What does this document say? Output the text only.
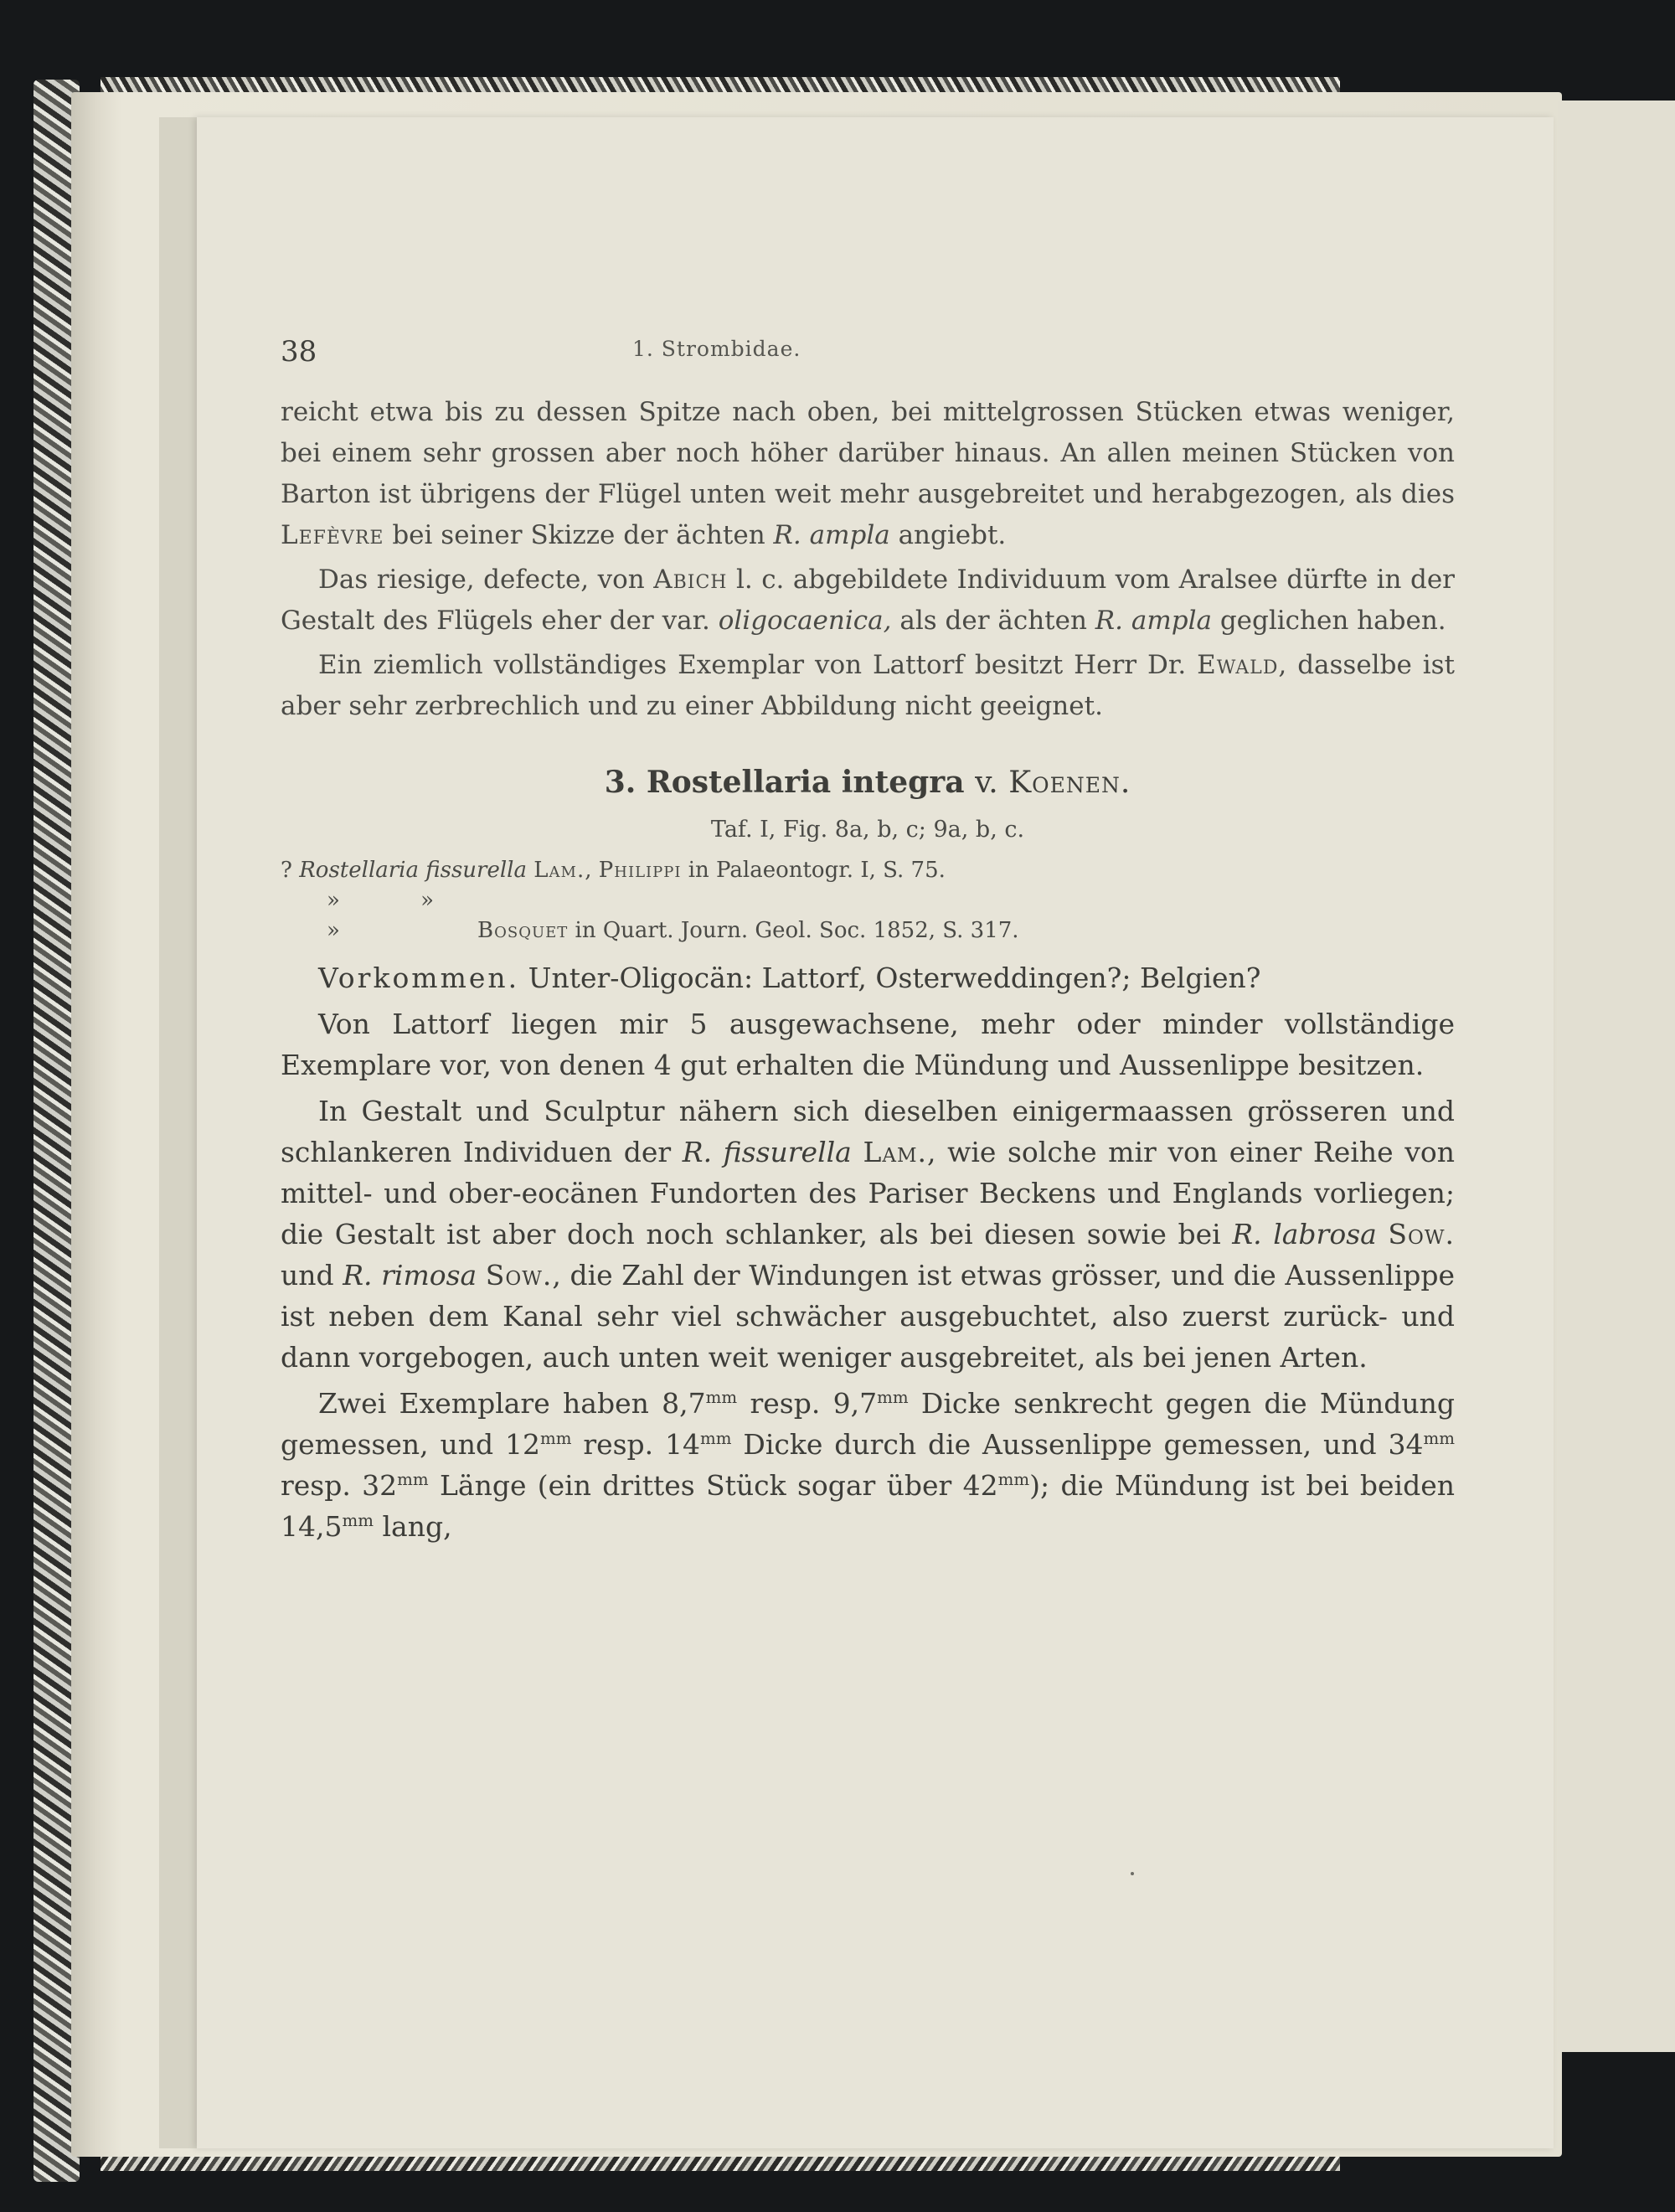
38	1. Strombidae.

reicht etwa bis zu dessen Spitze nach oben, bei mittelgrossen Stücken etwas weniger, bei einem sehr grossen aber noch höher darüber hinaus. An allen meinen Stücken von Barton ist übrigens der Flügel unten weit mehr ausgebreitet und herabgezogen, als dies Lefèvre bei seiner Skizze der ächten R. ampla angiebt.

Das riesige, defecte, von Abich l. c. abgebildete Individuum vom Aralsee dürfte in der Gestalt des Flügels eher der var. oligocaenica, als der ächten R. ampla geglichen haben.

Ein ziemlich vollständiges Exemplar von Lattorf besitzt Herr Dr. Ewald, dasselbe ist aber sehr zerbrechlich und zu einer Abbildung nicht geeignet.

3. Rostellaria integra v. Koenen.
Taf. I, Fig. 8a, b, c; 9a, b, c.
? Rostellaria fissurella Lam., Philippi in Palaeontogr. I, S. 75.
» » »	Bosquet in Quart. Journ. Geol. Soc. 1852, S. 317.

Vorkommen. Unter-Oligocän: Lattorf, Osterweddingen?; Belgien?

Von Lattorf liegen mir 5 ausgewachsene, mehr oder minder vollständige Exemplare vor, von denen 4 gut erhalten die Mündung und Aussenlippe besitzen.

In Gestalt und Sculptur nähern sich dieselben einigermaassen grösseren und schlankeren Individuen der R. fissurella Lam., wie solche mir von einer Reihe von mittel- und ober-eocänen Fundorten des Pariser Beckens und Englands vorliegen; die Gestalt ist aber doch noch schlanker, als bei diesen sowie bei R. labrosa Sow. und R. rimosa Sow., die Zahl der Windungen ist etwas grösser, und die Aussenlippe ist neben dem Kanal sehr viel schwächer ausgebuchtet, also zuerst zurück- und dann vorgebogen, auch unten weit weniger ausgebreitet, als bei jenen Arten.

Zwei Exemplare haben $8,7^{mm}$ resp. $9,7^{mm}$ Dicke senkrecht gegen die Mündung gemessen, und $12^{mm}$ resp. $14^{mm}$ Dicke durch die Aussenlippe gemessen, und $34^{mm}$ resp. $32^{mm}$ Länge (ein drittes Stück sogar über $42^{mm}$); die Mündung ist bei beiden $14,5^{mm}$ lang,
